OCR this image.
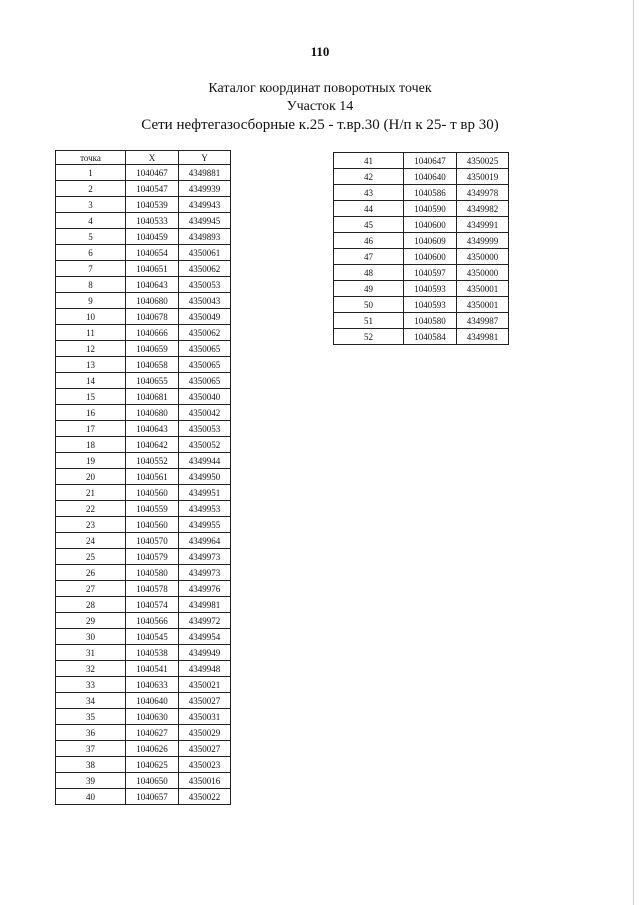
110
Каталог координат поворотных точек
Участок 14
Сети нефтегазосборные к.25 - т.вр.30 (Н/п к 25- т вр 30)
точка	X	Y
1	1040467	4349881
2	1040547	4349939
3	1040539	4349943
4	1040533	4349945
5	1040459	4349893
6	1040654	4350061
7	1040651	4350062
8	1040643	4350053
9	1040680	4350043
10	1040678	4350049
11	1040666	4350062
12	1040659	4350065
13	1040658	4350065
14	1040655	4350065
15	1040681	4350040
16	1040680	4350042
17	1040643	4350053
18	1040642	4350052
19	1040552	4349944
20	1040561	4349950
21	1040560	4349951
22	1040559	4349953
23	1040560	4349955
24	1040570	4349964
25	1040579	4349973
26	1040580	4349973
27	1040578	4349976
28	1040574	4349981
29	1040566	4349972
30	1040545	4349954
31	1040538	4349949
32	1040541	4349948
33	1040633	4350021
34	1040640	4350027
35	1040630	4350031
36	1040627	4350029
37	1040626	4350027
38	1040625	4350023
39	1040650	4350016
40	1040657	4350022
41	1040647	4350025
42	1040640	4350019
43	1040586	4349978
44	1040590	4349982
45	1040600	4349991
46	1040609	4349999
47	1040600	4350000
48	1040597	4350000
49	1040593	4350001
50	1040593	4350001
51	1040580	4349987
52	1040584	4349981
